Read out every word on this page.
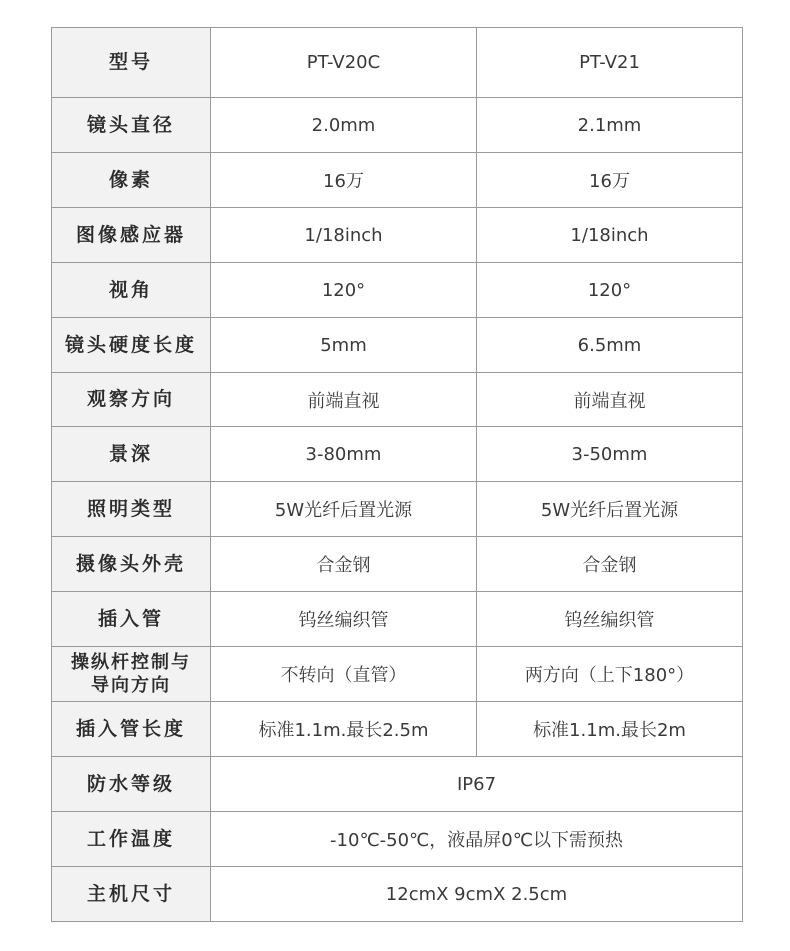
型号	PT-V20C	PT-V21
镜头直径	2.0mm	2.1mm
像素	16万	16万
图像感应器	1/18inch	1/18inch
视角	120°	120°
镜头硬度长度	5mm	6.5mm
观察方向	前端直视	前端直视
景深	3-80mm	3-50mm
照明类型	5W光纤后置光源	5W光纤后置光源
摄像头外壳	合金钢	合金钢
插入管	钨丝编织管	钨丝编织管

操纵杆控制与
导向方向	不转向（直管）	两方向（上下180°）
插入管长度	标准1.1m.最长2.5m	标准1.1m.最长2m
防水等级	IP67	
工作温度	-10℃-50℃，液晶屏0℃以下需预热	
主机尺寸	12cmX 9cmX 2.5cm	
